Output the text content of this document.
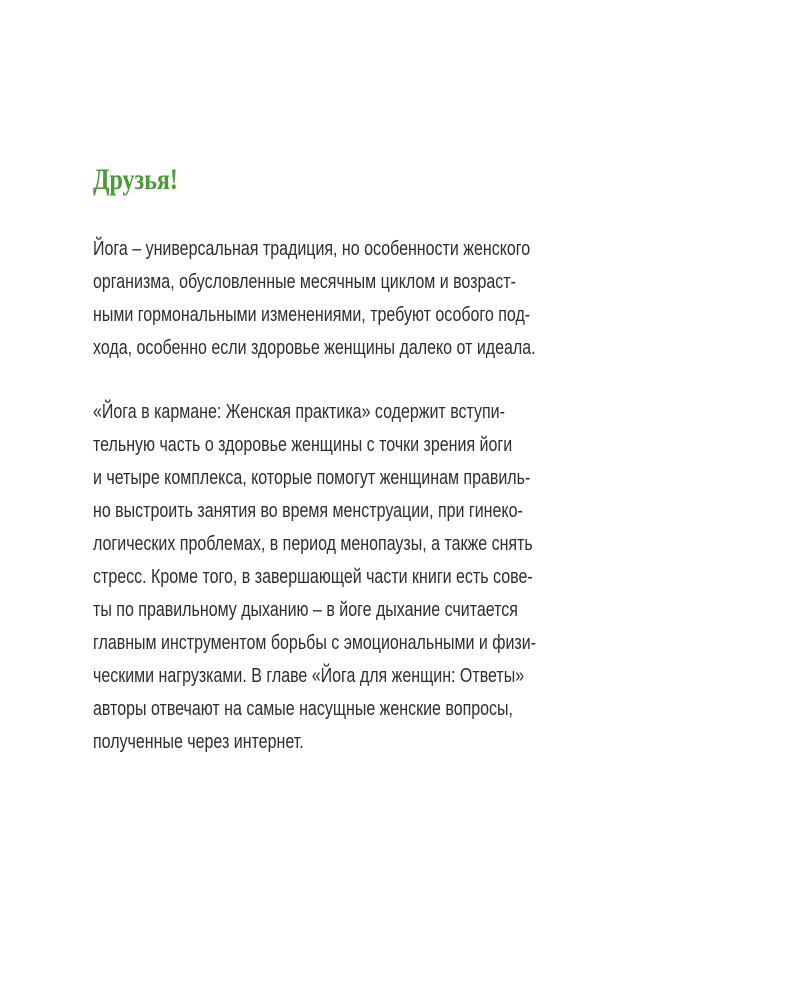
Друзья!
Йога – универсальная традиция, но особенности женского
организма, обусловленные месячным циклом и возраст-
ными гормональными изменениями, требуют особого под-
хода, особенно если здоровье женщины далеко от идеала.
«Йога в кармане: Женская практика» содержит вступи-
тельную часть о здоровье женщины с точки зрения йоги
и четыре комплекса, которые помогут женщинам правиль-
но выстроить занятия во время менструации, при гинеко-
логических проблемах, в период менопаузы, а также снять
стресс. Кроме того, в завершающей части книги есть сове-
ты по правильному дыханию – в йоге дыхание считается
главным инструментом борьбы с эмоциональными и физи-
ческими нагрузками. В главе «Йога для женщин: Ответы»
авторы отвечают на самые насущные женские вопросы,
полученные через интернет.
